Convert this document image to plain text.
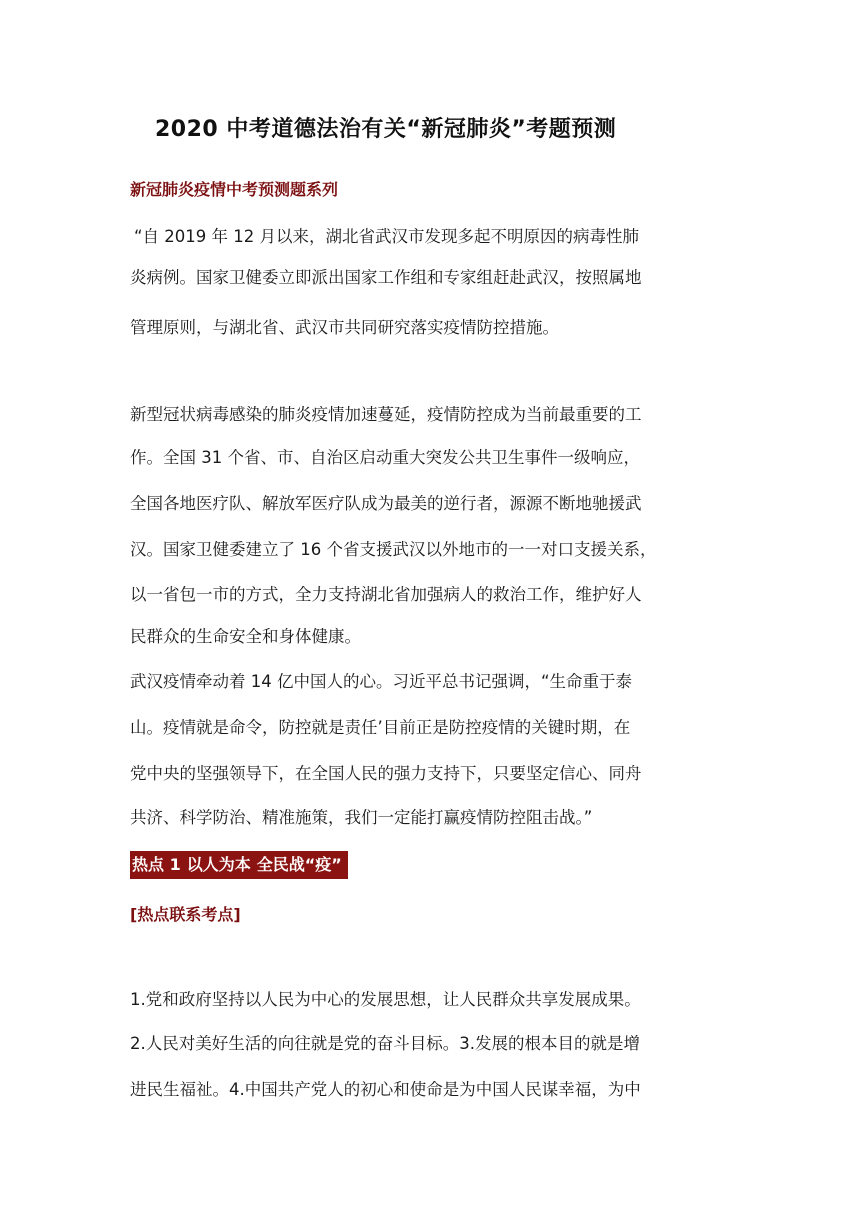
2020 中考道德法治有关“新冠肺炎”考题预测
新冠肺炎疫情中考预测题系列
“自 2019 年 12 月以来，湖北省武汉市发现多起不明原因的病毒性肺
炎病例。国家卫健委立即派出国家工作组和专家组赶赴武汉，按照属地
管理原则，与湖北省、武汉市共同研究落实疫情防控措施。
新型冠状病毒感染的肺炎疫情加速蔓延，疫情防控成为当前最重要的工
作。全国 31 个省、市、自治区启动重大突发公共卫生事件一级响应，
全国各地医疗队、解放军医疗队成为最美的逆行者，源源不断地驰援武
汉。国家卫健委建立了 16 个省支援武汉以外地市的一一对口支援关系，
以一省包一市的方式，全力支持湖北省加强病人的救治工作，维护好人
民群众的生命安全和身体健康。
武汉疫情牵动着 14 亿中国人的心。习近平总书记强调，“生命重于泰
山。疫情就是命令，防控就是责任’目前正是防控疫情的关键时期，在
党中央的坚强领导下，在全国人民的强力支持下，只要坚定信心、同舟
共济、科学防治、精准施策，我们一定能打赢疫情防控阻击战。”
热点 1 以人为本 全民战“疫”
[热点联系考点]
1.党和政府坚持以人民为中心的发展思想，让人民群众共享发展成果。
2.人民对美好生活的向往就是党的奋斗目标。3.发展的根本目的就是增
进民生福祉。4.中国共产党人的初心和使命是为中国人民谋幸福，为中
